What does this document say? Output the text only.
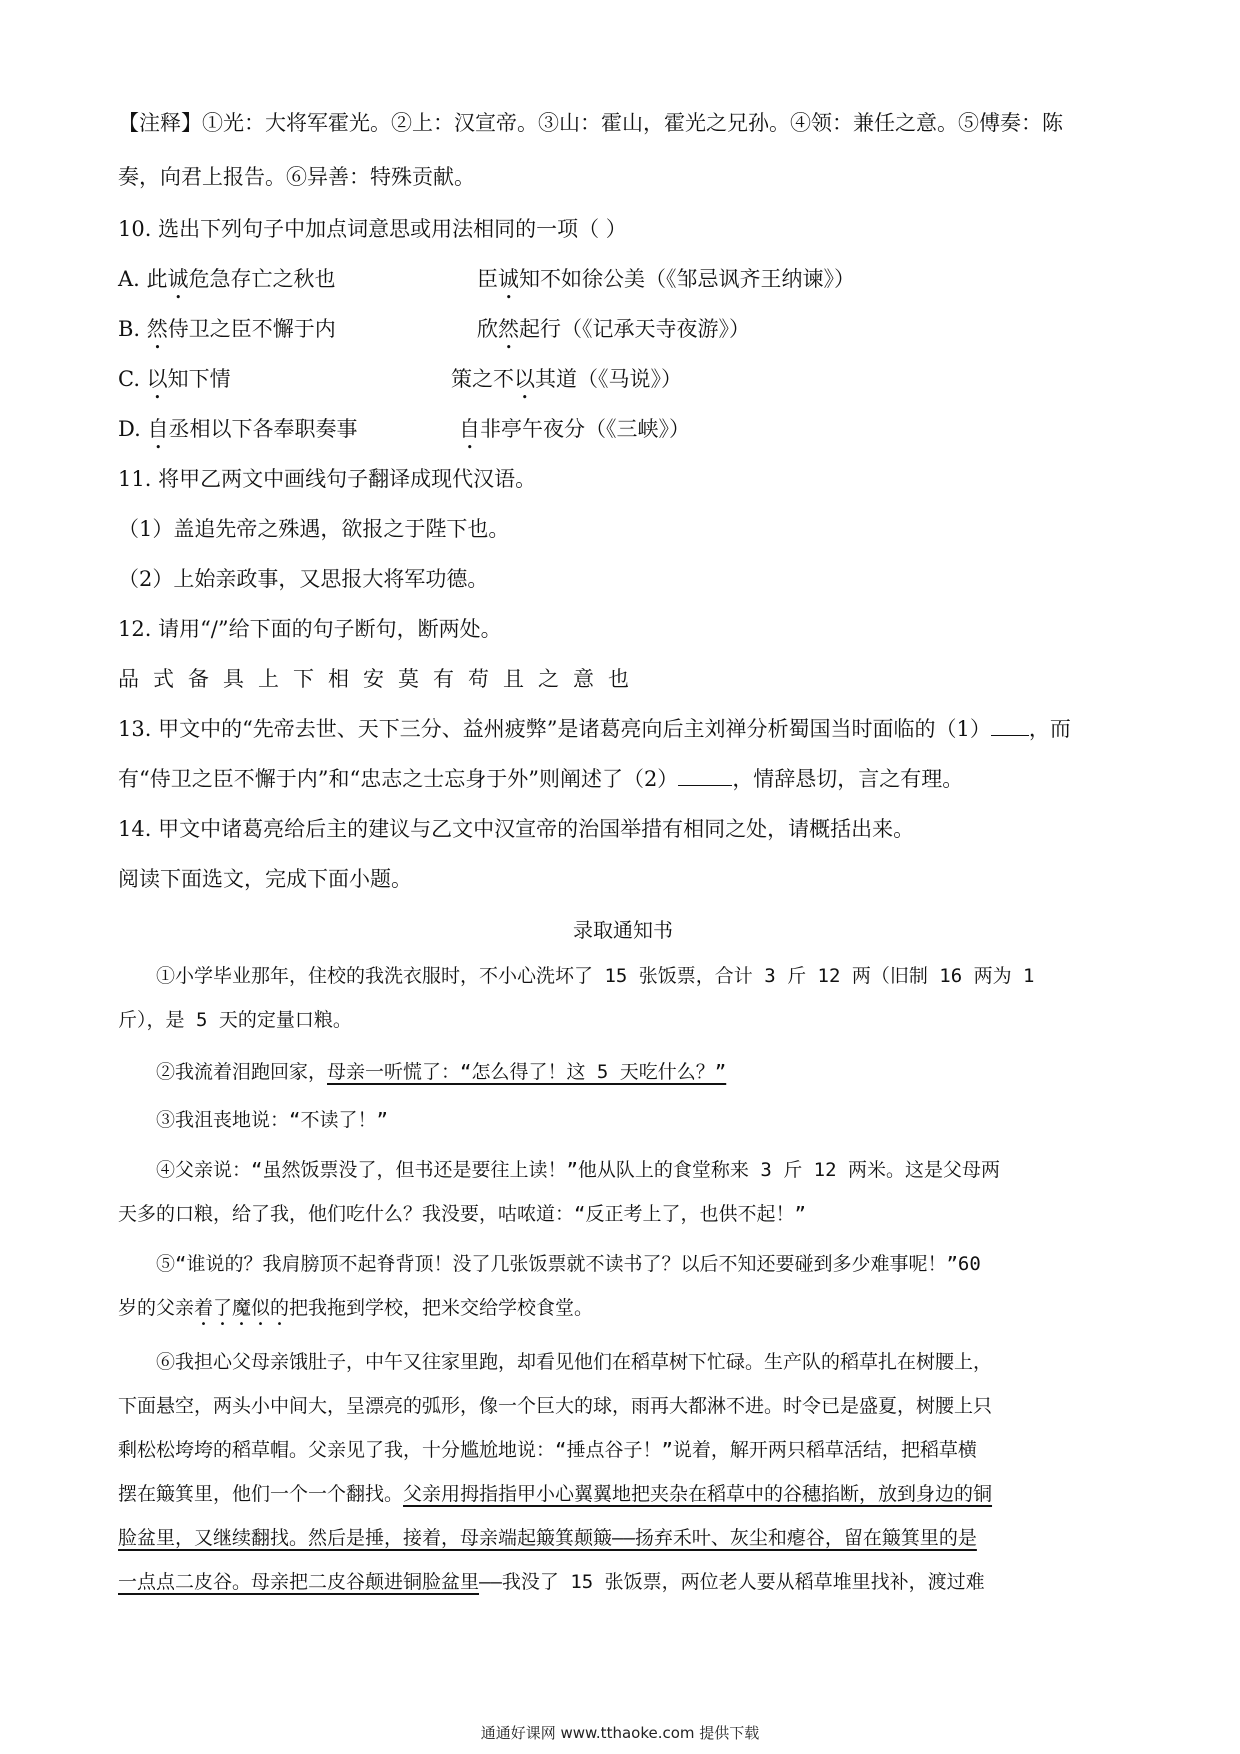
【注释】①光：大将军霍光。②上：汉宣帝。③山：霍山，霍光之兄孙。④领：兼任之意。⑤傅奏：陈
奏，向君上报告。⑥异善：特殊贡献。
10. 选出下列句子中加点词意思或用法相同的一项（ ）
A. 此诚危急存亡之秋也	臣诚知不如徐公美（《邹忌讽齐王纳谏》）
B. 然侍卫之臣不懈于内	欣然起行（《记承天寺夜游》）
C. 以知下情	策之不以其道（《马说》）
D. 自丞相以下各奉职奏事	自非亭午夜分（《三峡》）
11. 将甲乙两文中画线句子翻译成现代汉语。
（1）盖追先帝之殊遇，欲报之于陛下也。
（2）上始亲政事，又思报大将军功德。
12. 请用“/”给下面的句子断句，断两处。
品式备具上下相安莫有苟且之意也
13. 甲文中的“先帝去世、天下三分、益州疲弊”是诸葛亮向后主刘禅分析蜀国当时面临的（1） ，而
有“侍卫之臣不懈于内”和“忠志之士忘身于外”则阐述了（2）	，情辞恳切，言之有理。
14. 甲文中诸葛亮给后主的建议与乙文中汉宣帝的治国举措有相同之处，请概括出来。
阅读下面选文，完成下面小题。
录取通知书
①小学毕业那年，住校的我洗衣服时，不小心洗坏了 15 张饭票，合计 3 斤 12 两（旧制 16 两为 1
斤），是 5 天的定量口粮。
②我流着泪跑回家，母亲一听慌了：“怎么得了！这 5 天吃什么？”
③我沮丧地说：“不读了！”
④父亲说：“虽然饭票没了，但书还是要往上读！”他从队上的食堂称来 3 斤 12 两米。这是父母两
天多的口粮，给了我，他们吃什么？我没要，咕哝道：“反正考上了，也供不起！”
⑤“谁说的？我肩膀顶不起脊背顶！没了几张饭票就不读书了？以后不知还要碰到多少难事呢！”60
岁的父亲着了魔似的把我拖到学校，把米交给学校食堂。
⑥我担心父母亲饿肚子，中午又往家里跑，却看见他们在稻草树下忙碌。生产队的稻草扎在树腰上，
下面悬空，两头小中间大，呈漂亮的弧形，像一个巨大的球，雨再大都淋不进。时令已是盛夏，树腰上只
剩松松垮垮的稻草帽。父亲见了我，十分尴尬地说：“捶点谷子！”说着，解开两只稻草活结，把稻草横
摆在簸箕里，他们一个一个翻找。父亲用拇指指甲小心翼翼地把夹杂在稻草中的谷穗掐断，放到身边的铜
脸盆里，又继续翻找。然后是捶，接着，母亲端起簸箕颠簸——扬弃禾叶、灰尘和瘪谷，留在簸箕里的是
一点点二皮谷。母亲把二皮谷颠进铜脸盆里——我没了 15 张饭票，两位老人要从稻草堆里找补，渡过难
通通好课网 www.tthaoke.com 提供下载
